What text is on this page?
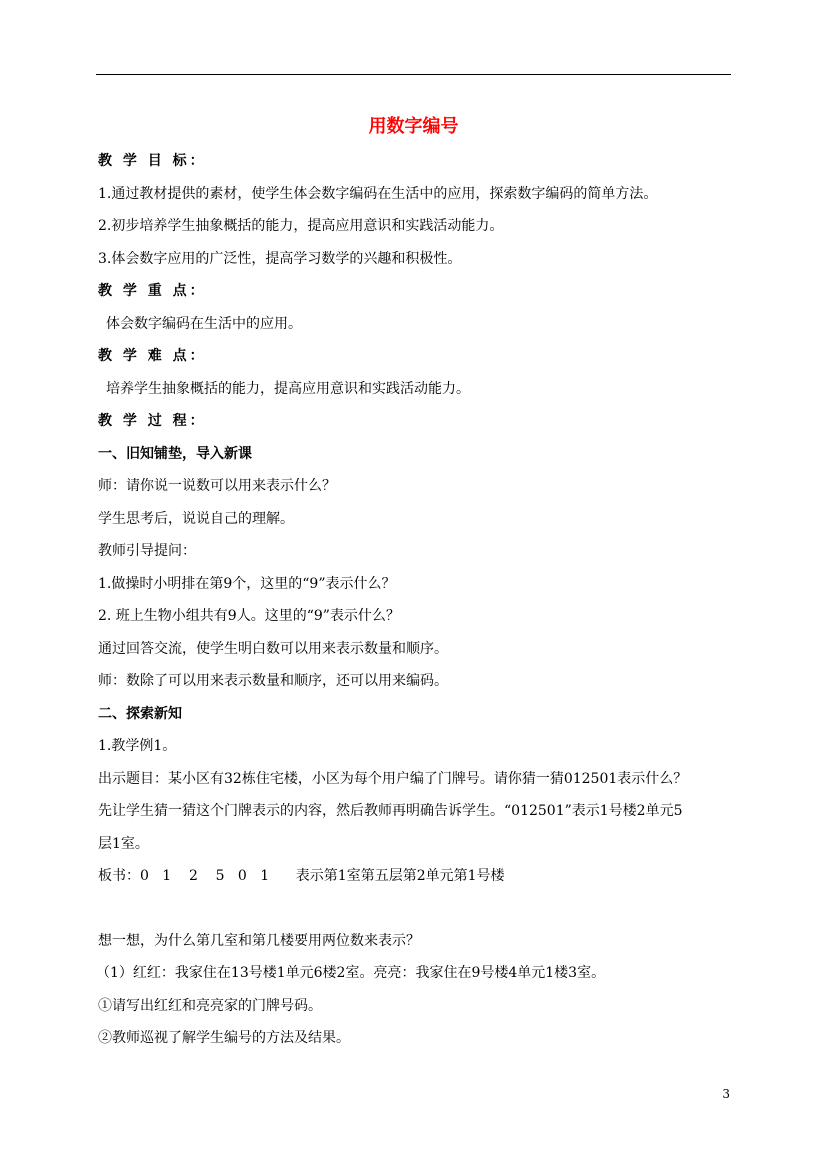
用数字编号
教 学 目 标：
1.通过教材提供的素材，使学生体会数字编码在生活中的应用，探索数字编码的简单方法。
2.初步培养学生抽象概括的能力，提高应用意识和实践活动能力。
3.体会数字应用的广泛性，提高学习数学的兴趣和积极性。
教 学 重 点：
体会数字编码在生活中的应用。
教 学 难 点：
培养学生抽象概括的能力，提高应用意识和实践活动能力。
教 学 过 程：
一、旧知铺垫，导入新课
师：请你说一说数可以用来表示什么？
学生思考后，说说自己的理解。
教师引导提问：
1.做操时小明排在第9个，这里的“9”表示什么？
2. 班上生物小组共有9人。这里的“9”表示什么？
通过回答交流，使学生明白数可以用来表示数量和顺序。
师：数除了可以用来表示数量和顺序，还可以用来编码。
二、探索新知
1.教学例1。
出示题目：某小区有32栋住宅楼，小区为每个用户编了门牌号。请你猜一猜012501表示什么？
先让学生猜一猜这个门牌表示的内容，然后教师再明确告诉学生。“012501”表示1号楼2单元5
层1室。
板书：0   1    2    5   0   1      表示第1室第五层第2单元第1号楼
想一想，为什么第几室和第几楼要用两位数来表示？
（1）红红：我家住在13号楼1单元6楼2室。亮亮：我家住在9号楼4单元1楼3室。
①请写出红红和亮亮家的门牌号码。
②教师巡视了解学生编号的方法及结果。
3
